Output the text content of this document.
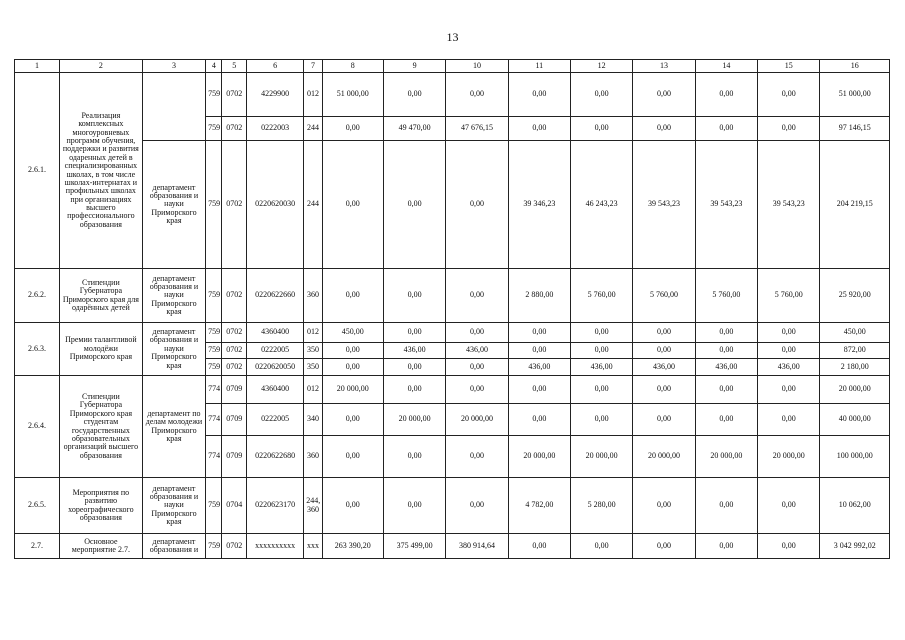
13
1	2	3	4	5	6	7	8	9	10	11	12	13	14	15	16
2.6.1.	Реализация комплексных многоуровневых программ обучения, поддержки и развития одаренных детей в специализированных школах, в том числе школах-интернатах и профильных школах при организациях высшего профессионального образования		759	0702	4229900	012	51 000,00	0,00	0,00	0,00	0,00	0,00	0,00	0,00	51 000,00
			759	0702	0222003	244	0,00	49 470,00	47 676,15	0,00	0,00	0,00	0,00	0,00	97 146,15
		департамент образования и науки Приморского края	759	0702	0220620030	244	0,00	0,00	0,00	39 346,23	46 243,23	39 543,23	39 543,23	39 543,23	204 219,15
2.6.2.	Стипендии Губернатора Приморского края для одарённых детей	департамент образования и науки Приморского края	759	0702	0220622660	360	0,00	0,00	0,00	2 880,00	5 760,00	5 760,00	5 760,00	5 760,00	25 920,00
2.6.3.	Премии талантливой молодёжи Приморского края	департамент образования и науки Приморского края	759	0702	4360400	012	450,00	0,00	0,00	0,00	0,00	0,00	0,00	0,00	450,00
			759	0702	0222005	350	0,00	436,00	436,00	0,00	0,00	0,00	0,00	0,00	872,00
			759	0702	0220620050	350	0,00	0,00	0,00	436,00	436,00	436,00	436,00	436,00	2 180,00
2.6.4.	Стипендии Губернатора Приморского края студентам государственных образовательных организаций высшего образования	департамент по делам молодежи Приморского края	774	0709	4360400	012	20 000,00	0,00	0,00	0,00	0,00	0,00	0,00	0,00	20 000,00
			774	0709	0222005	340	0,00	20 000,00	20 000,00	0,00	0,00	0,00	0,00	0,00	40 000,00
			774	0709	0220622680	360	0,00	0,00	0,00	20 000,00	20 000,00	20 000,00	20 000,00	20 000,00	100 000,00
2.6.5.	Мероприятия по развитию хореографического образования	департамент образования и науки Приморского края	759	0704	0220623170	244, 360	0,00	0,00	0,00	4 782,00	5 280,00	0,00	0,00	0,00	10 062,00
2.7.	Основное мероприятие 2.7.	департамент образования и	759	0702	хххххххххх	ххх	263 390,20	375 499,00	380 914,64	0,00	0,00	0,00	0,00	0,00	3 042 992,02
